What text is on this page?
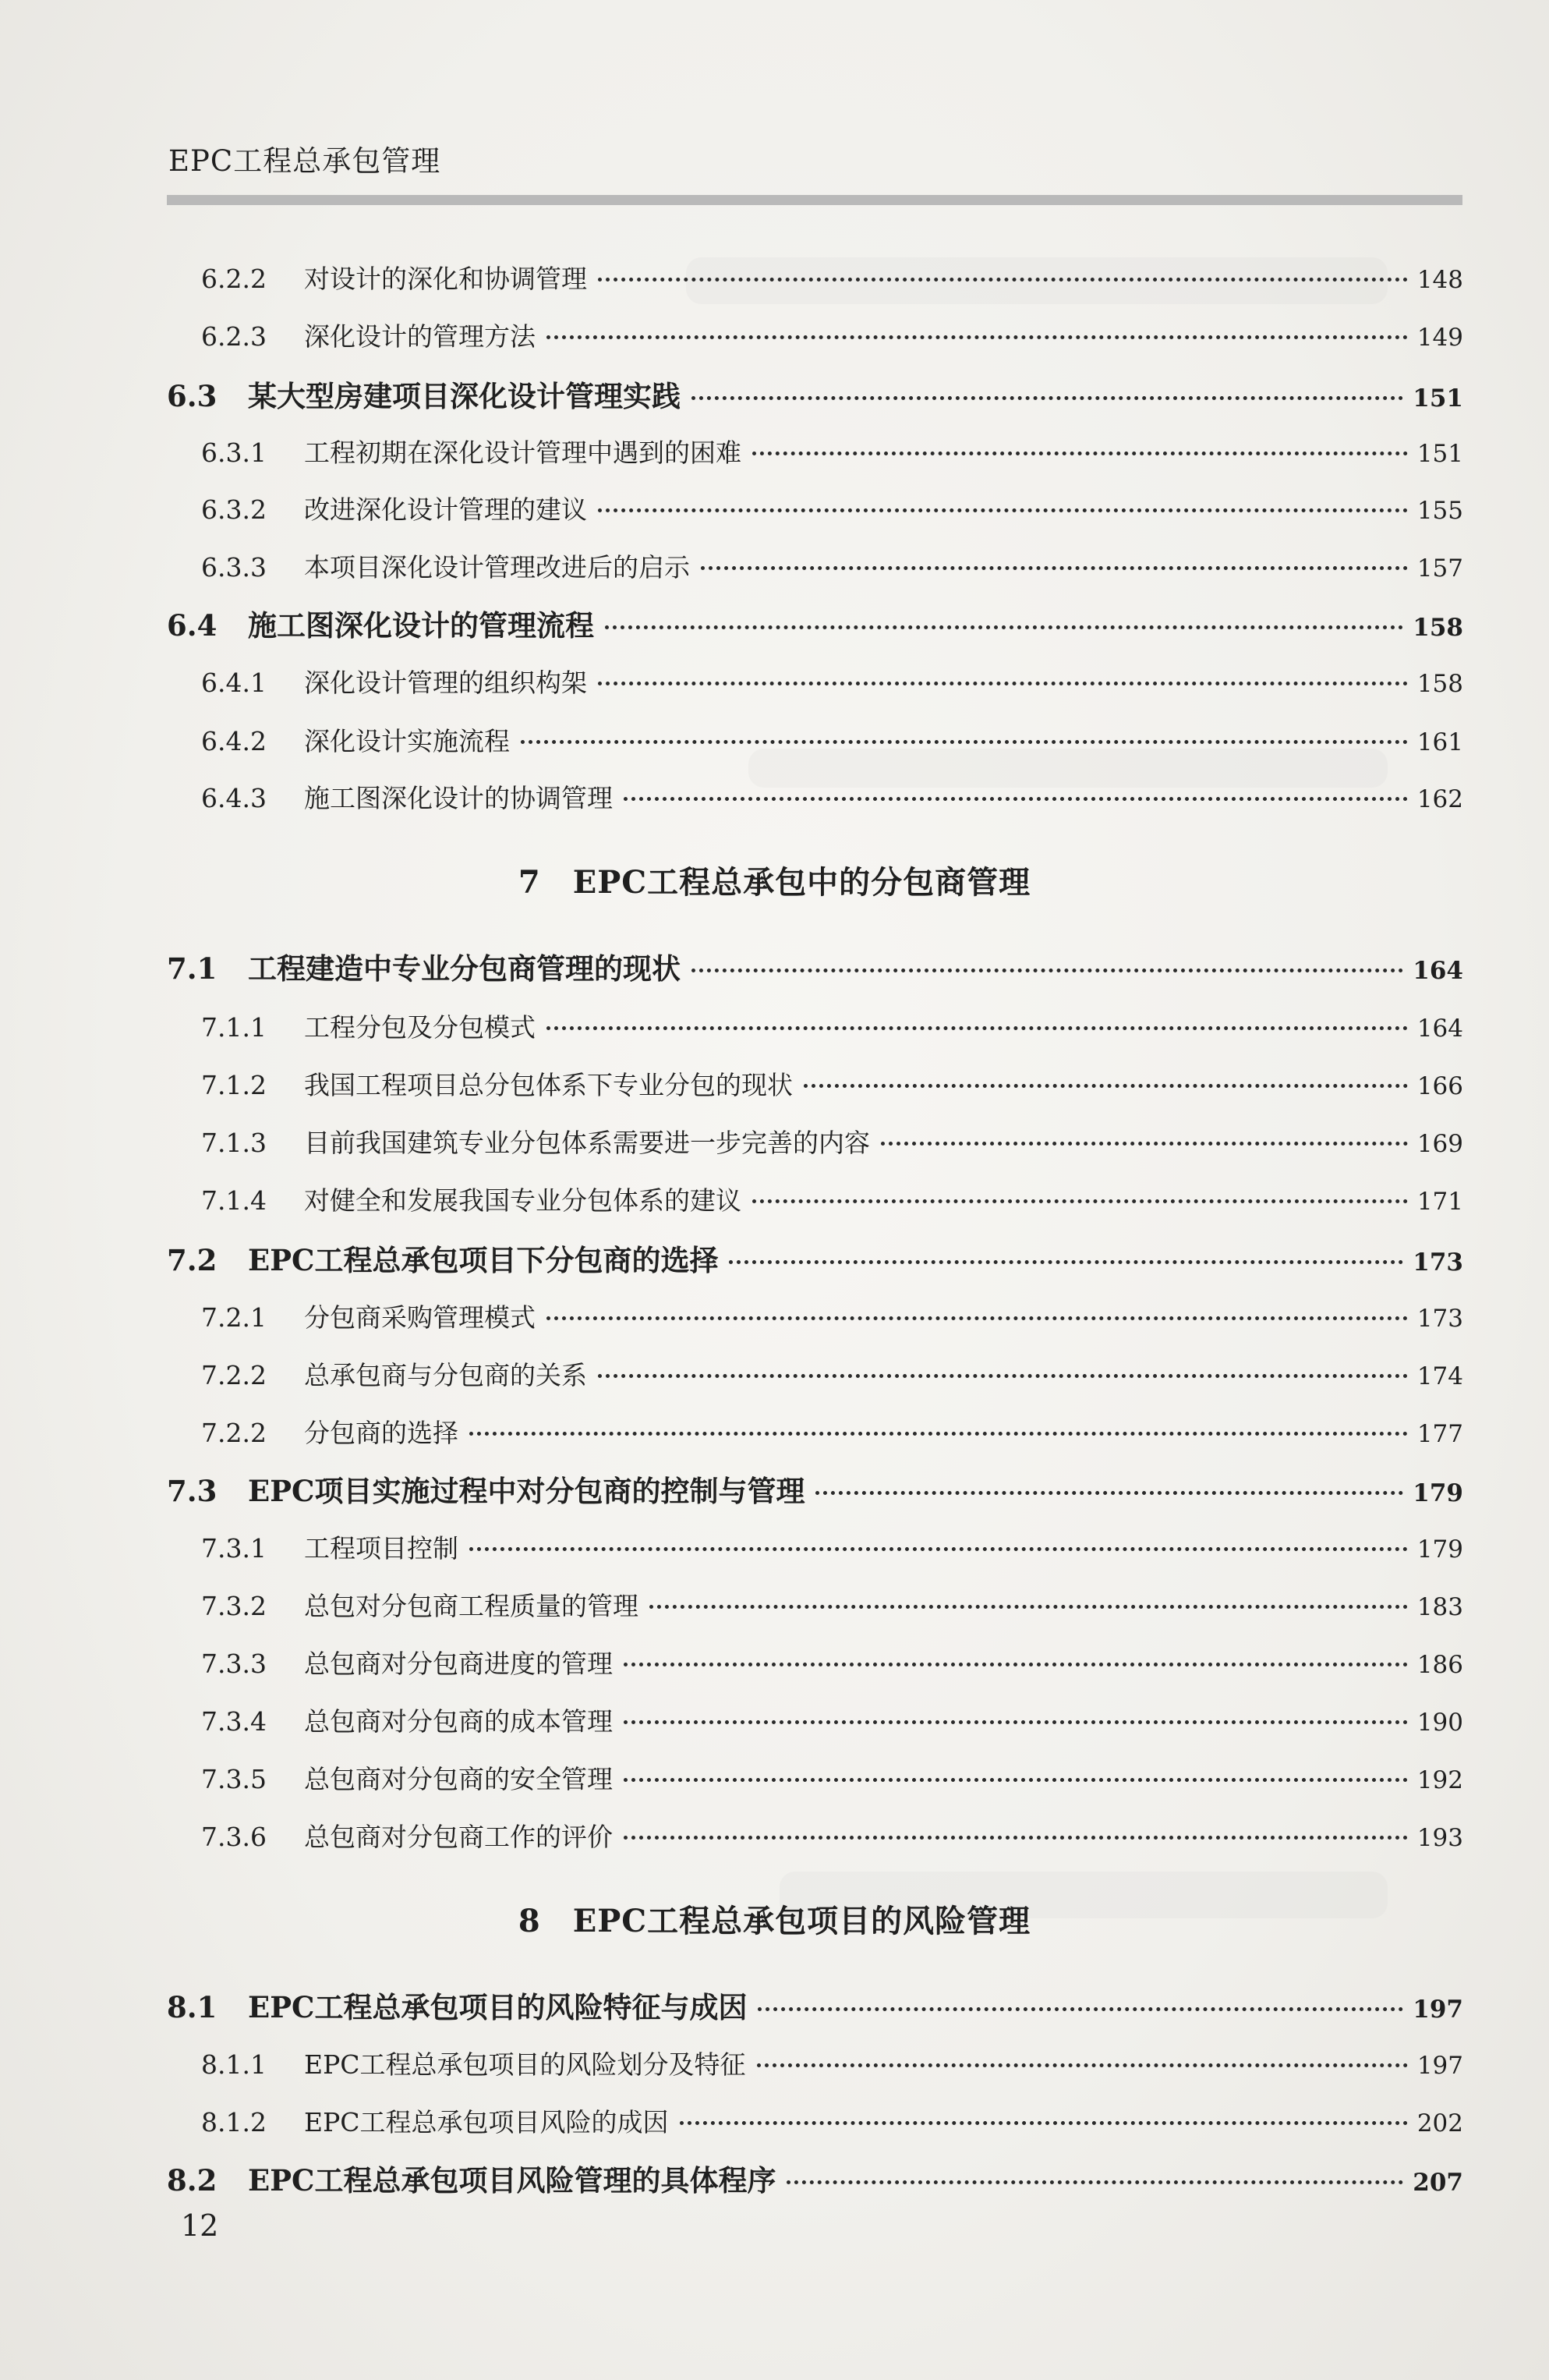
EPC工程总承包管理
6.2.2	对设计的深化和协调管理	148
6.2.3	深化设计的管理方法	149
6.3	某大型房建项目深化设计管理实践	151
6.3.1	工程初期在深化设计管理中遇到的困难	151
6.3.2	改进深化设计管理的建议	155
6.3.3	本项目深化设计管理改进后的启示	157
6.4	施工图深化设计的管理流程	158
6.4.1	深化设计管理的组织构架	158
6.4.2	深化设计实施流程	161
6.4.3	施工图深化设计的协调管理	162
7　EPC工程总承包中的分包商管理
7.1	工程建造中专业分包商管理的现状	164
7.1.1	工程分包及分包模式	164
7.1.2	我国工程项目总分包体系下专业分包的现状	166
7.1.3	目前我国建筑专业分包体系需要进一步完善的内容	169
7.1.4	对健全和发展我国专业分包体系的建议	171
7.2	EPC工程总承包项目下分包商的选择	173
7.2.1	分包商采购管理模式	173
7.2.2	总承包商与分包商的关系	174
7.2.2	分包商的选择	177
7.3	EPC项目实施过程中对分包商的控制与管理	179
7.3.1	工程项目控制	179
7.3.2	总包对分包商工程质量的管理	183
7.3.3	总包商对分包商进度的管理	186
7.3.4	总包商对分包商的成本管理	190
7.3.5	总包商对分包商的安全管理	192
7.3.6	总包商对分包商工作的评价	193
8　EPC工程总承包项目的风险管理
8.1	EPC工程总承包项目的风险特征与成因	197
8.1.1	EPC工程总承包项目的风险划分及特征	197
8.1.2	EPC工程总承包项目风险的成因	202
8.2	EPC工程总承包项目风险管理的具体程序	207
12
